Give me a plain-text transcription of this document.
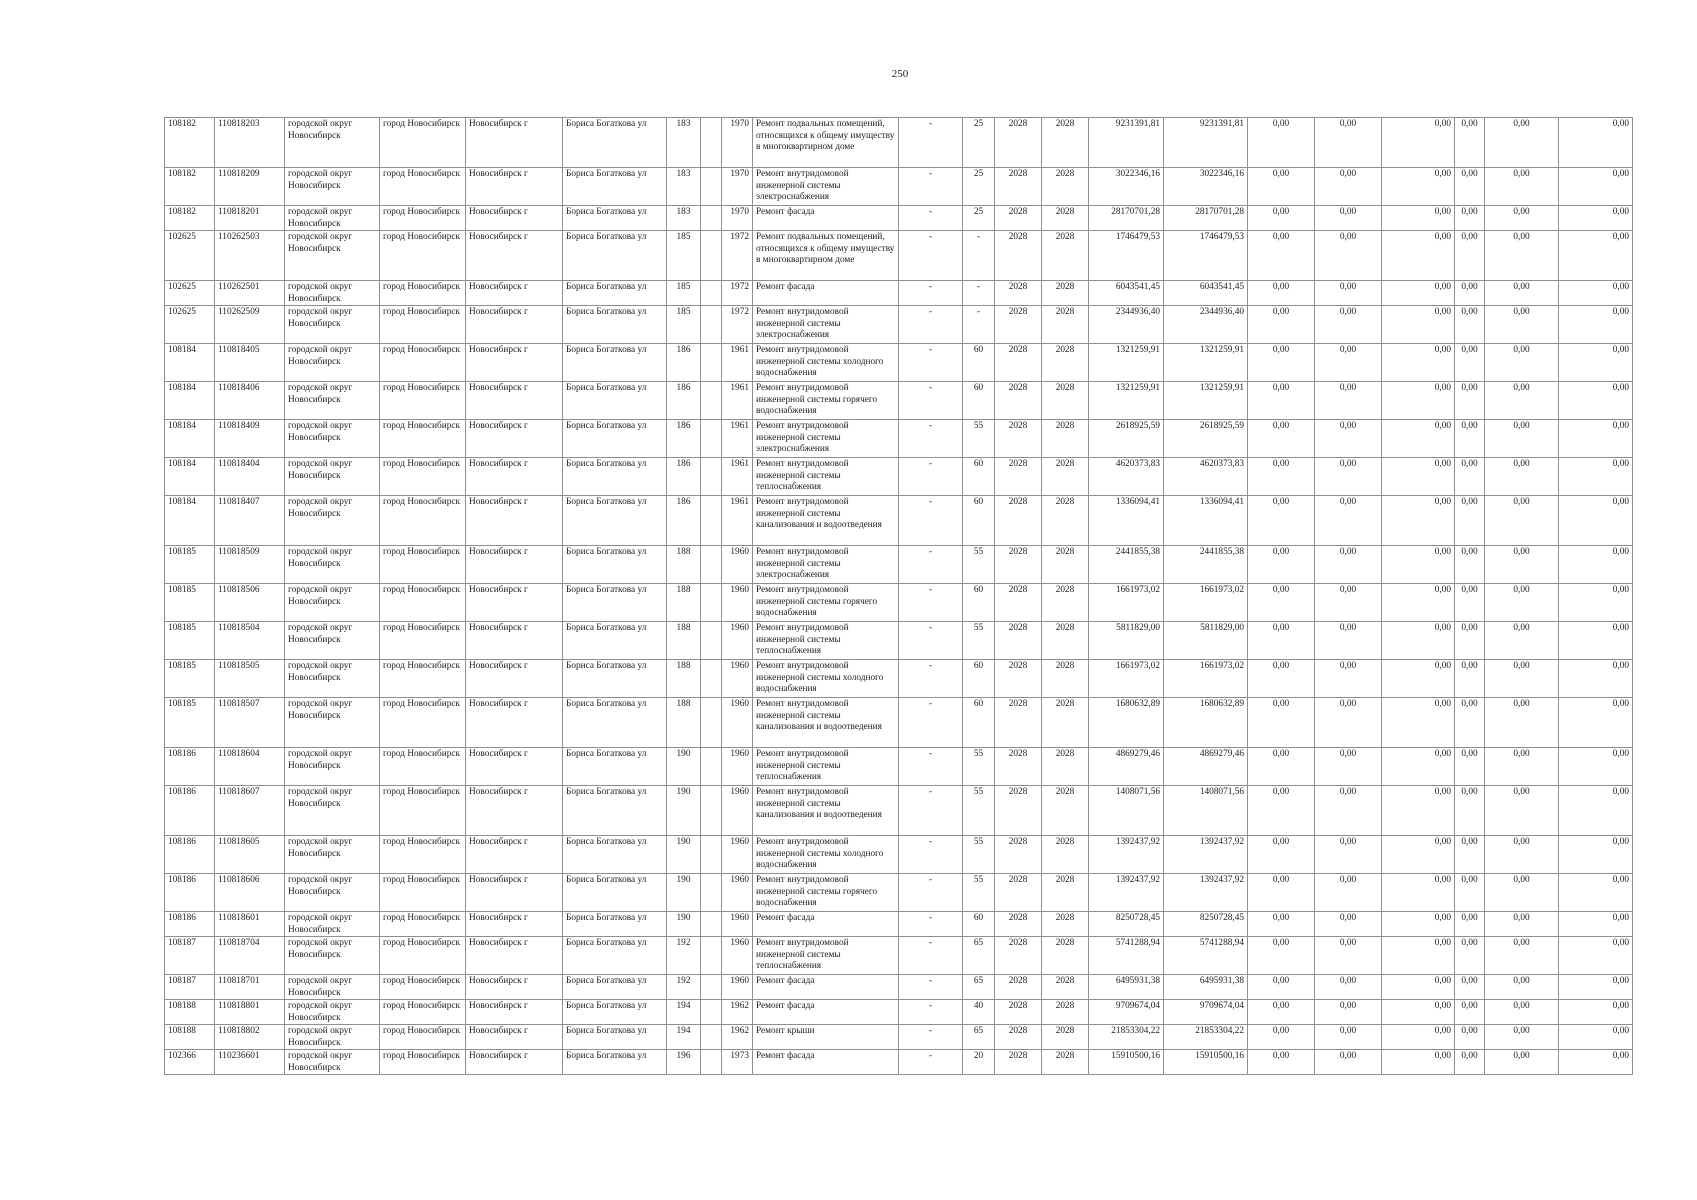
250
108182	110818203	городской округ Новосибирск	город Новосибирск	Новосибирск г	Бориса Богаткова ул	183		1970	Ремонт подвальных помещений, относящихся к общему имуществу в многоквартирном доме	-	25	2028	2028	9231391,81	9231391,81	0,00	0,00	0,00	0,00	0,00	0,00
108182	110818209	городской округ Новосибирск	город Новосибирск	Новосибирск г	Бориса Богаткова ул	183		1970	Ремонт внутридомовой инженерной системы электроснабжения	-	25	2028	2028	3022346,16	3022346,16	0,00	0,00	0,00	0,00	0,00	0,00
108182	110818201	городской округ Новосибирск	город Новосибирск	Новосибирск г	Бориса Богаткова ул	183		1970	Ремонт фасада	-	25	2028	2028	28170701,28	28170701,28	0,00	0,00	0,00	0,00	0,00	0,00
102625	110262503	городской округ Новосибирск	город Новосибирск	Новосибирск г	Бориса Богаткова ул	185		1972	Ремонт подвальных помещений, относящихся к общему имуществу в многоквартирном доме	-	-	2028	2028	1746479,53	1746479,53	0,00	0,00	0,00	0,00	0,00	0,00
102625	110262501	городской округ Новосибирск	город Новосибирск	Новосибирск г	Бориса Богаткова ул	185		1972	Ремонт фасада	-	-	2028	2028	6043541,45	6043541,45	0,00	0,00	0,00	0,00	0,00	0,00
102625	110262509	городской округ Новосибирск	город Новосибирск	Новосибирск г	Бориса Богаткова ул	185		1972	Ремонт внутридомовой инженерной системы электроснабжения	-	-	2028	2028	2344936,40	2344936,40	0,00	0,00	0,00	0,00	0,00	0,00
108184	110818405	городской округ Новосибирск	город Новосибирск	Новосибирск г	Бориса Богаткова ул	186		1961	Ремонт внутридомовой инженерной системы холодного водоснабжения	-	60	2028	2028	1321259,91	1321259,91	0,00	0,00	0,00	0,00	0,00	0,00
108184	110818406	городской округ Новосибирск	город Новосибирск	Новосибирск г	Бориса Богаткова ул	186		1961	Ремонт внутридомовой инженерной системы горячего водоснабжения	-	60	2028	2028	1321259,91	1321259,91	0,00	0,00	0,00	0,00	0,00	0,00
108184	110818409	городской округ Новосибирск	город Новосибирск	Новосибирск г	Бориса Богаткова ул	186		1961	Ремонт внутридомовой инженерной системы электроснабжения	-	55	2028	2028	2618925,59	2618925,59	0,00	0,00	0,00	0,00	0,00	0,00
108184	110818404	городской округ Новосибирск	город Новосибирск	Новосибирск г	Бориса Богаткова ул	186		1961	Ремонт внутридомовой инженерной системы теплоснабжения	-	60	2028	2028	4620373,83	4620373,83	0,00	0,00	0,00	0,00	0,00	0,00
108184	110818407	городской округ Новосибирск	город Новосибирск	Новосибирск г	Бориса Богаткова ул	186		1961	Ремонт внутридомовой инженерной системы канализования и водоотведения	-	60	2028	2028	1336094,41	1336094,41	0,00	0,00	0,00	0,00	0,00	0,00
108185	110818509	городской округ Новосибирск	город Новосибирск	Новосибирск г	Бориса Богаткова ул	188		1960	Ремонт внутридомовой инженерной системы электроснабжения	-	55	2028	2028	2441855,38	2441855,38	0,00	0,00	0,00	0,00	0,00	0,00
108185	110818506	городской округ Новосибирск	город Новосибирск	Новосибирск г	Бориса Богаткова ул	188		1960	Ремонт внутридомовой инженерной системы горячего водоснабжения	-	60	2028	2028	1661973,02	1661973,02	0,00	0,00	0,00	0,00	0,00	0,00
108185	110818504	городской округ Новосибирск	город Новосибирск	Новосибирск г	Бориса Богаткова ул	188		1960	Ремонт внутридомовой инженерной системы теплоснабжения	-	55	2028	2028	5811829,00	5811829,00	0,00	0,00	0,00	0,00	0,00	0,00
108185	110818505	городской округ Новосибирск	город Новосибирск	Новосибирск г	Бориса Богаткова ул	188		1960	Ремонт внутридомовой инженерной системы холодного водоснабжения	-	60	2028	2028	1661973,02	1661973,02	0,00	0,00	0,00	0,00	0,00	0,00
108185	110818507	городской округ Новосибирск	город Новосибирск	Новосибирск г	Бориса Богаткова ул	188		1960	Ремонт внутридомовой инженерной системы канализования и водоотведения	-	60	2028	2028	1680632,89	1680632,89	0,00	0,00	0,00	0,00	0,00	0,00
108186	110818604	городской округ Новосибирск	город Новосибирск	Новосибирск г	Бориса Богаткова ул	190		1960	Ремонт внутридомовой инженерной системы теплоснабжения	-	55	2028	2028	4869279,46	4869279,46	0,00	0,00	0,00	0,00	0,00	0,00
108186	110818607	городской округ Новосибирск	город Новосибирск	Новосибирск г	Бориса Богаткова ул	190		1960	Ремонт внутридомовой инженерной системы канализования и водоотведения	-	55	2028	2028	1408071,56	1408071,56	0,00	0,00	0,00	0,00	0,00	0,00
108186	110818605	городской округ Новосибирск	город Новосибирск	Новосибирск г	Бориса Богаткова ул	190		1960	Ремонт внутридомовой инженерной системы холодного водоснабжения	-	55	2028	2028	1392437,92	1392437,92	0,00	0,00	0,00	0,00	0,00	0,00
108186	110818606	городской округ Новосибирск	город Новосибирск	Новосибирск г	Бориса Богаткова ул	190		1960	Ремонт внутридомовой инженерной системы горячего водоснабжения	-	55	2028	2028	1392437,92	1392437,92	0,00	0,00	0,00	0,00	0,00	0,00
108186	110818601	городской округ Новосибирск	город Новосибирск	Новосибирск г	Бориса Богаткова ул	190		1960	Ремонт фасада	-	60	2028	2028	8250728,45	8250728,45	0,00	0,00	0,00	0,00	0,00	0,00
108187	110818704	городской округ Новосибирск	город Новосибирск	Новосибирск г	Бориса Богаткова ул	192		1960	Ремонт внутридомовой инженерной системы теплоснабжения	-	65	2028	2028	5741288,94	5741288,94	0,00	0,00	0,00	0,00	0,00	0,00
108187	110818701	городской округ Новосибирск	город Новосибирск	Новосибирск г	Бориса Богаткова ул	192		1960	Ремонт фасада	-	65	2028	2028	6495931,38	6495931,38	0,00	0,00	0,00	0,00	0,00	0,00
108188	110818801	городской округ Новосибирск	город Новосибирск	Новосибирск г	Бориса Богаткова ул	194		1962	Ремонт фасада	-	40	2028	2028	9709674,04	9709674,04	0,00	0,00	0,00	0,00	0,00	0,00
108188	110818802	городской округ Новосибирск	город Новосибирск	Новосибирск г	Бориса Богаткова ул	194		1962	Ремонт крыши	-	65	2028	2028	21853304,22	21853304,22	0,00	0,00	0,00	0,00	0,00	0,00
102366	110236601	городской округ Новосибирск	город Новосибирск	Новосибирск г	Бориса Богаткова ул	196		1973	Ремонт фасада	-	20	2028	2028	15910500,16	15910500,16	0,00	0,00	0,00	0,00	0,00	0,00
